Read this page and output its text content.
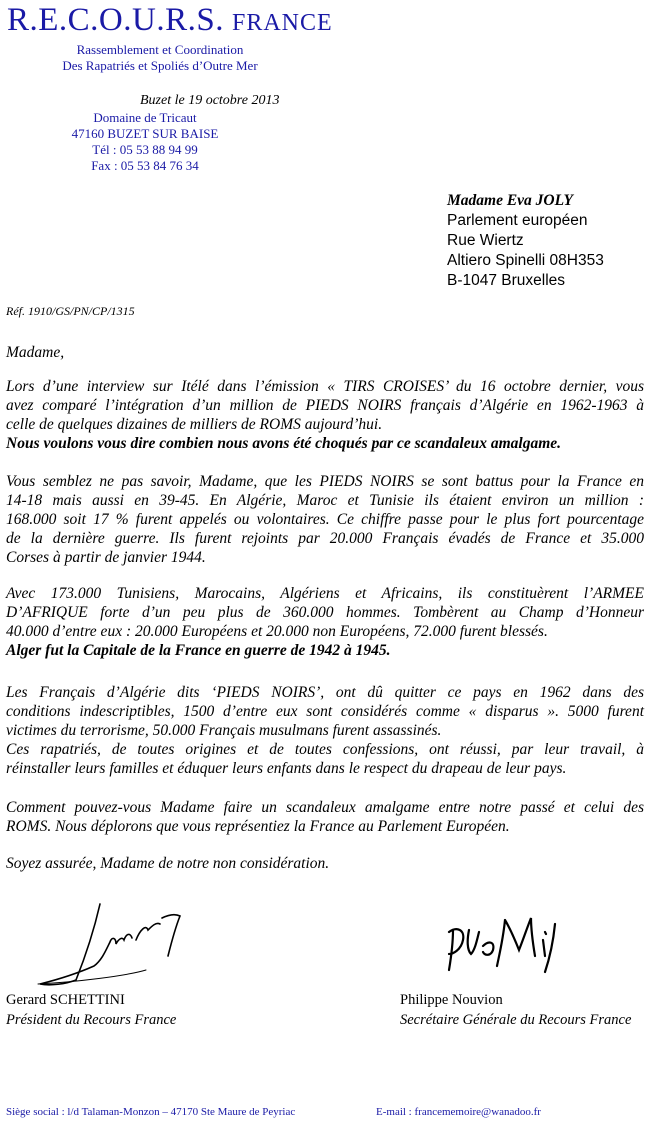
R.E.C.O.U.R.S. FRANCE
Rassemblement et Coordination
Des Rapatriés et Spoliés d’Outre Mer
Buzet le 19 octobre 2013
Domaine de Tricaut
47160 BUZET SUR BAISE
Tél : 05 53 88 94 99
Fax : 05 53 84 76 34
Madame Eva JOLY
Parlement européen
Rue Wiertz
Altiero Spinelli 08H353
B-1047 Bruxelles
Réf. 1910/GS/PN/CP/1315
Madame,
Lors d’une interview sur Itélé dans l’émission « TIRS CROISES’ du 16 octobre dernier, vous
avez comparé l’intégration d’un million de PIEDS NOIRS français d’Algérie en 1962-1963 à
celle de quelques dizaines de milliers de ROMS aujourd’hui.
Nous voulons vous dire combien nous avons été choqués par ce scandaleux amalgame.
Vous semblez ne pas savoir, Madame, que les PIEDS NOIRS se sont battus pour la France en
14-18 mais aussi en 39-45. En Algérie, Maroc et Tunisie ils étaient environ un million :
168.000 soit 17 % furent appelés ou volontaires. Ce chiffre passe pour le plus fort pourcentage
de la dernière guerre. Ils furent rejoints par 20.000 Français évadés de France et 35.000
Corses à partir de janvier 1944.
Avec 173.000 Tunisiens, Marocains, Algériens et Africains, ils constituèrent l’ARMEE
D’AFRIQUE forte d’un peu plus de 360.000 hommes. Tombèrent au Champ d’Honneur
40.000 d’entre eux : 20.000 Européens et 20.000 non Européens, 72.000 furent blessés.
Alger fut la Capitale de la France en guerre de 1942 à 1945.
Les Français d’Algérie dits ‘PIEDS NOIRS’, ont dû quitter ce pays en 1962 dans des
conditions indescriptibles, 1500 d’entre eux sont considérés comme « disparus ». 5000 furent
victimes du terrorisme, 50.000 Français musulmans furent assassinés.
Ces rapatriés, de toutes origines et de toutes confessions, ont réussi, par leur travail, à
réinstaller leurs familles et éduquer leurs enfants dans le respect du drapeau de leur pays.
Comment pouvez-vous Madame faire un scandaleux amalgame entre notre passé et celui des
ROMS. Nous déplorons que vous représentiez la France au Parlement Européen.
Soyez assurée, Madame de notre non considération.
Gerard SCHETTINI
Président du Recours France
Philippe Nouvion
Secrétaire Générale du Recours France
Siège social : l/d Talaman-Monzon – 47170 Ste Maure de Peyriac	E-mail : francememoire@wanadoo.fr
